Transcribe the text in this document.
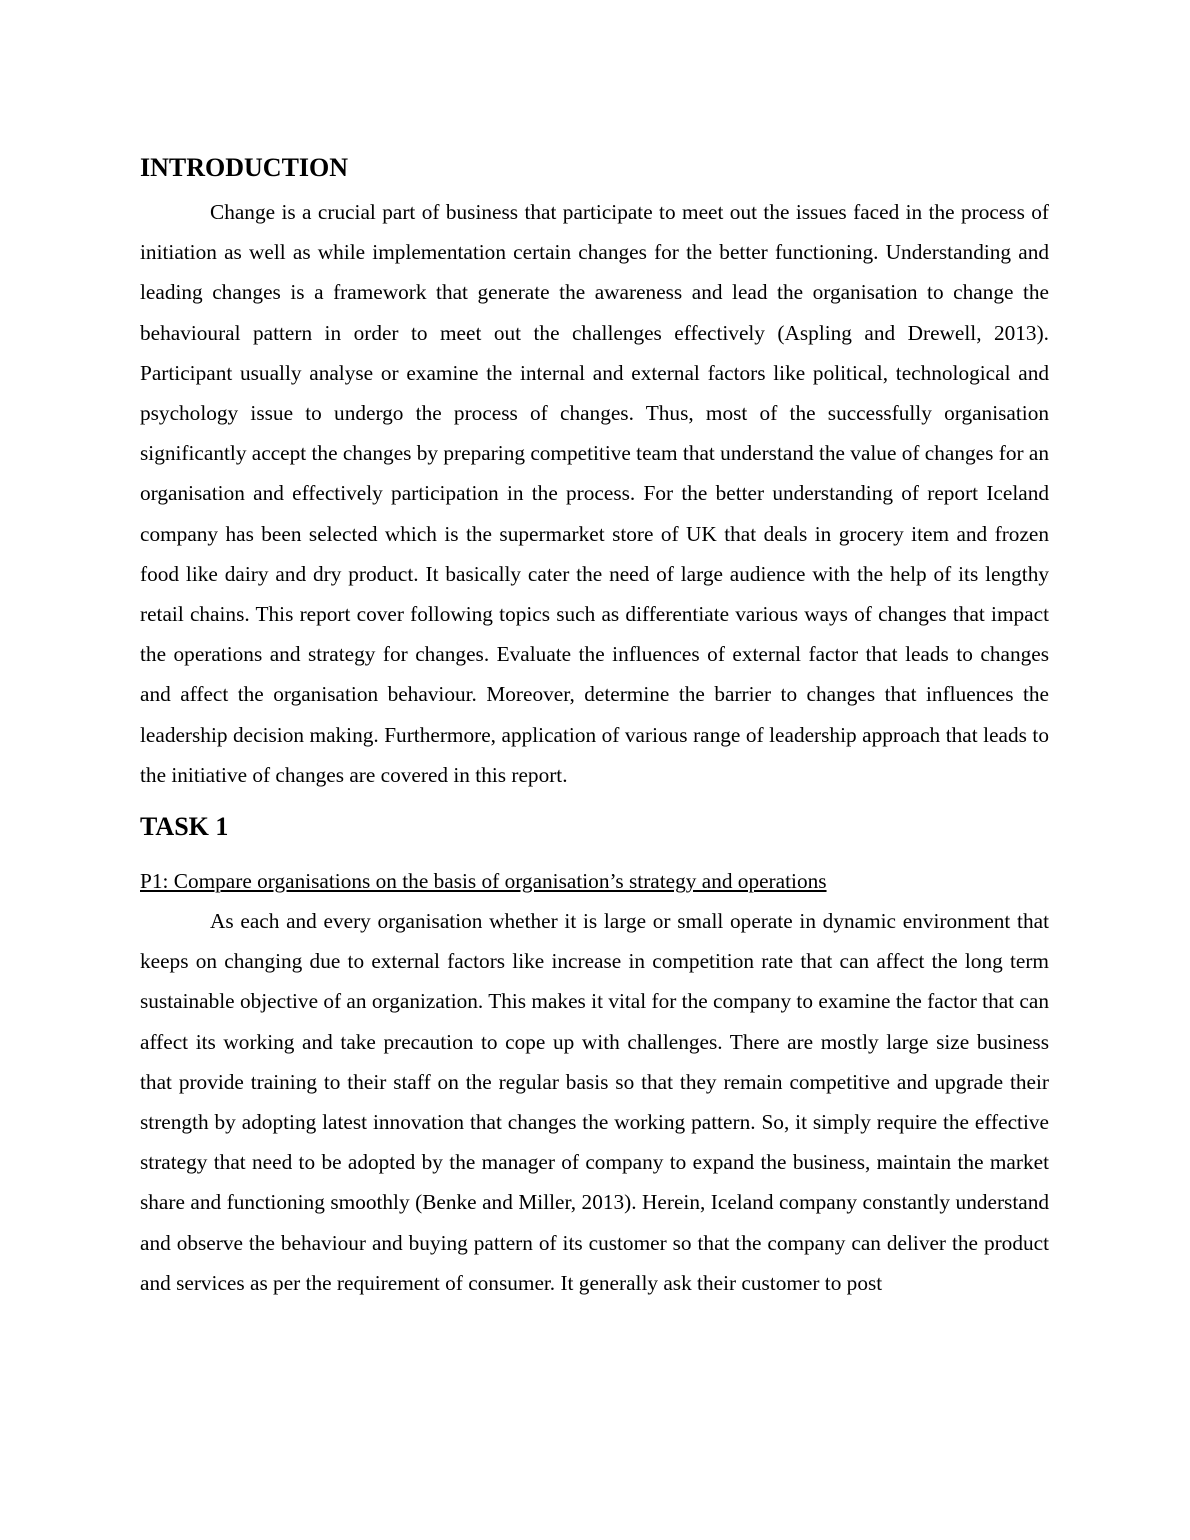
INTRODUCTION

Change is a crucial part of business that participate to meet out the issues faced in the process of initiation as well as while implementation certain changes for the better functioning. Understanding and leading changes is a framework that generate the awareness and lead the organisation to change the behavioural pattern in order to meet out the challenges effectively (Aspling and Drewell, 2013). Participant usually analyse or examine the internal and external factors like political, technological and psychology issue to undergo the process of changes. Thus, most of the successfully organisation significantly accept the changes by preparing competitive team that understand the value of changes for an organisation and effectively participation in the process. For the better understanding of report Iceland company has been selected which is the supermarket store of UK that deals in grocery item and frozen food like dairy and dry product. It basically cater the need of large audience with the help of its lengthy retail chains. This report cover following topics such as differentiate various ways of changes that impact the operations and strategy for changes. Evaluate the influences of external factor that leads to changes and affect the organisation behaviour. Moreover, determine the barrier to changes that influences the leadership decision making. Furthermore, application of various range of leadership approach that leads to the initiative of changes are covered in this report.

TASK 1
P1: Compare organisations on the basis of organisation’s strategy and operations

As each and every organisation whether it is large or small operate in dynamic environment that keeps on changing due to external factors like increase in competition rate that can affect the long term sustainable objective of an organization. This makes it vital for the company to examine the factor that can affect its working and take precaution to cope up with challenges. There are mostly large size business that provide training to their staff on the regular basis so that they remain competitive and upgrade their strength by adopting latest innovation that changes the working pattern. So, it simply require the effective strategy that need to be adopted by the manager of company to expand the business, maintain the market share and functioning smoothly (Benke and Miller, 2013). Herein, Iceland company constantly understand and observe the behaviour and buying pattern of its customer so that the company can deliver the product and services as per the requirement of consumer. It generally ask their customer to post
